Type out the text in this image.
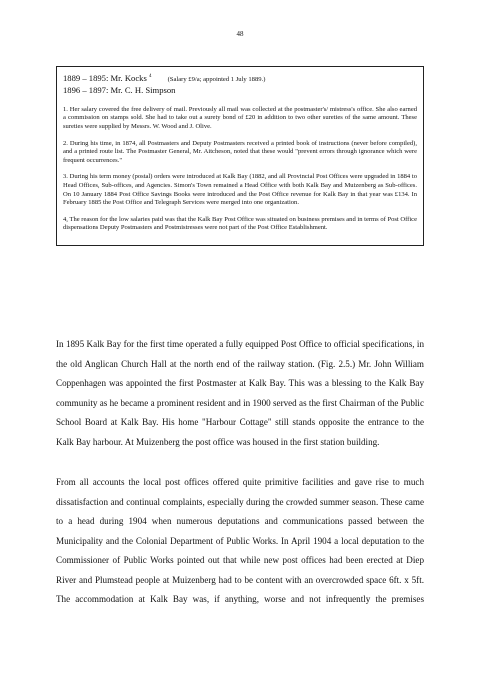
48
1889 – 1895: Mr. Kocks $^4$ (Salary £9/a; appointed 1 July 1889.)
1896 – 1897: Mr. C. H. Simpson

1. Her salary covered the free delivery of mail. Previously all mail was collected at the postmaster's/ mistress's office. She also earned a commission on stamps sold. She had to take out a surety bond of £20 in addition to two other sureties of the same amount. These sureties were supplied by Messrs. W. Wood and J. Olive.

2. During his time, in 1874, all Postmasters and Deputy Postmasters received a printed book of instructions (never before compiled), and a printed route list. The Postmaster General, Mr. Aitcheson, noted that these would "prevent errors through ignorance which were frequent occurrences."

3. During his term money (postal) orders were introduced at Kalk Bay (1882, and all Provincial Post Offices were upgraded in 1884 to Head Offices, Sub-offices, and Agencies. Simon's Town remained a Head Office with both Kalk Bay and Muizenberg as Sub-offices. On 10 January 1884 Post Office Savings Books were introduced and the Post Office revenue for Kalk Bay in that year was £134. In February 1885 the Post Office and Telegraph Services were merged into one organization.

4, The reason for the low salaries paid was that the Kalk Bay Post Office was situated on business premises and in terms of Post Office dispensations Deputy Postmasters and Postmistresses were not part of the Post Office Establishment.

In 1895 Kalk Bay for the first time operated a fully equipped Post Office to official specifications, in the old Anglican Church Hall at the north end of the railway station. (Fig. 2.5.) Mr. John William Coppenhagen was appointed the first Postmaster at Kalk Bay. This was a blessing to the Kalk Bay community as he became a prominent resident and in 1900 served as the first Chairman of the Public School Board at Kalk Bay. His home "Harbour Cottage" still stands opposite the entrance to the Kalk Bay harbour. At Muizenberg the post office was housed in the first station building.

From all accounts the local post offices offered quite primitive facilities and gave rise to much dissatisfaction and continual complaints, especially during the crowded summer season. These came to a head during 1904 when numerous deputations and communications passed between the Municipality and the Colonial Department of Public Works. In April 1904 a local deputation to the Commissioner of Public Works pointed out that while new post offices had been erected at Diep River and Plumstead people at Muizenberg had to be content with an overcrowded space 6ft. x 5ft. The accommodation at Kalk Bay was, if anything, worse and not infrequently the premises
